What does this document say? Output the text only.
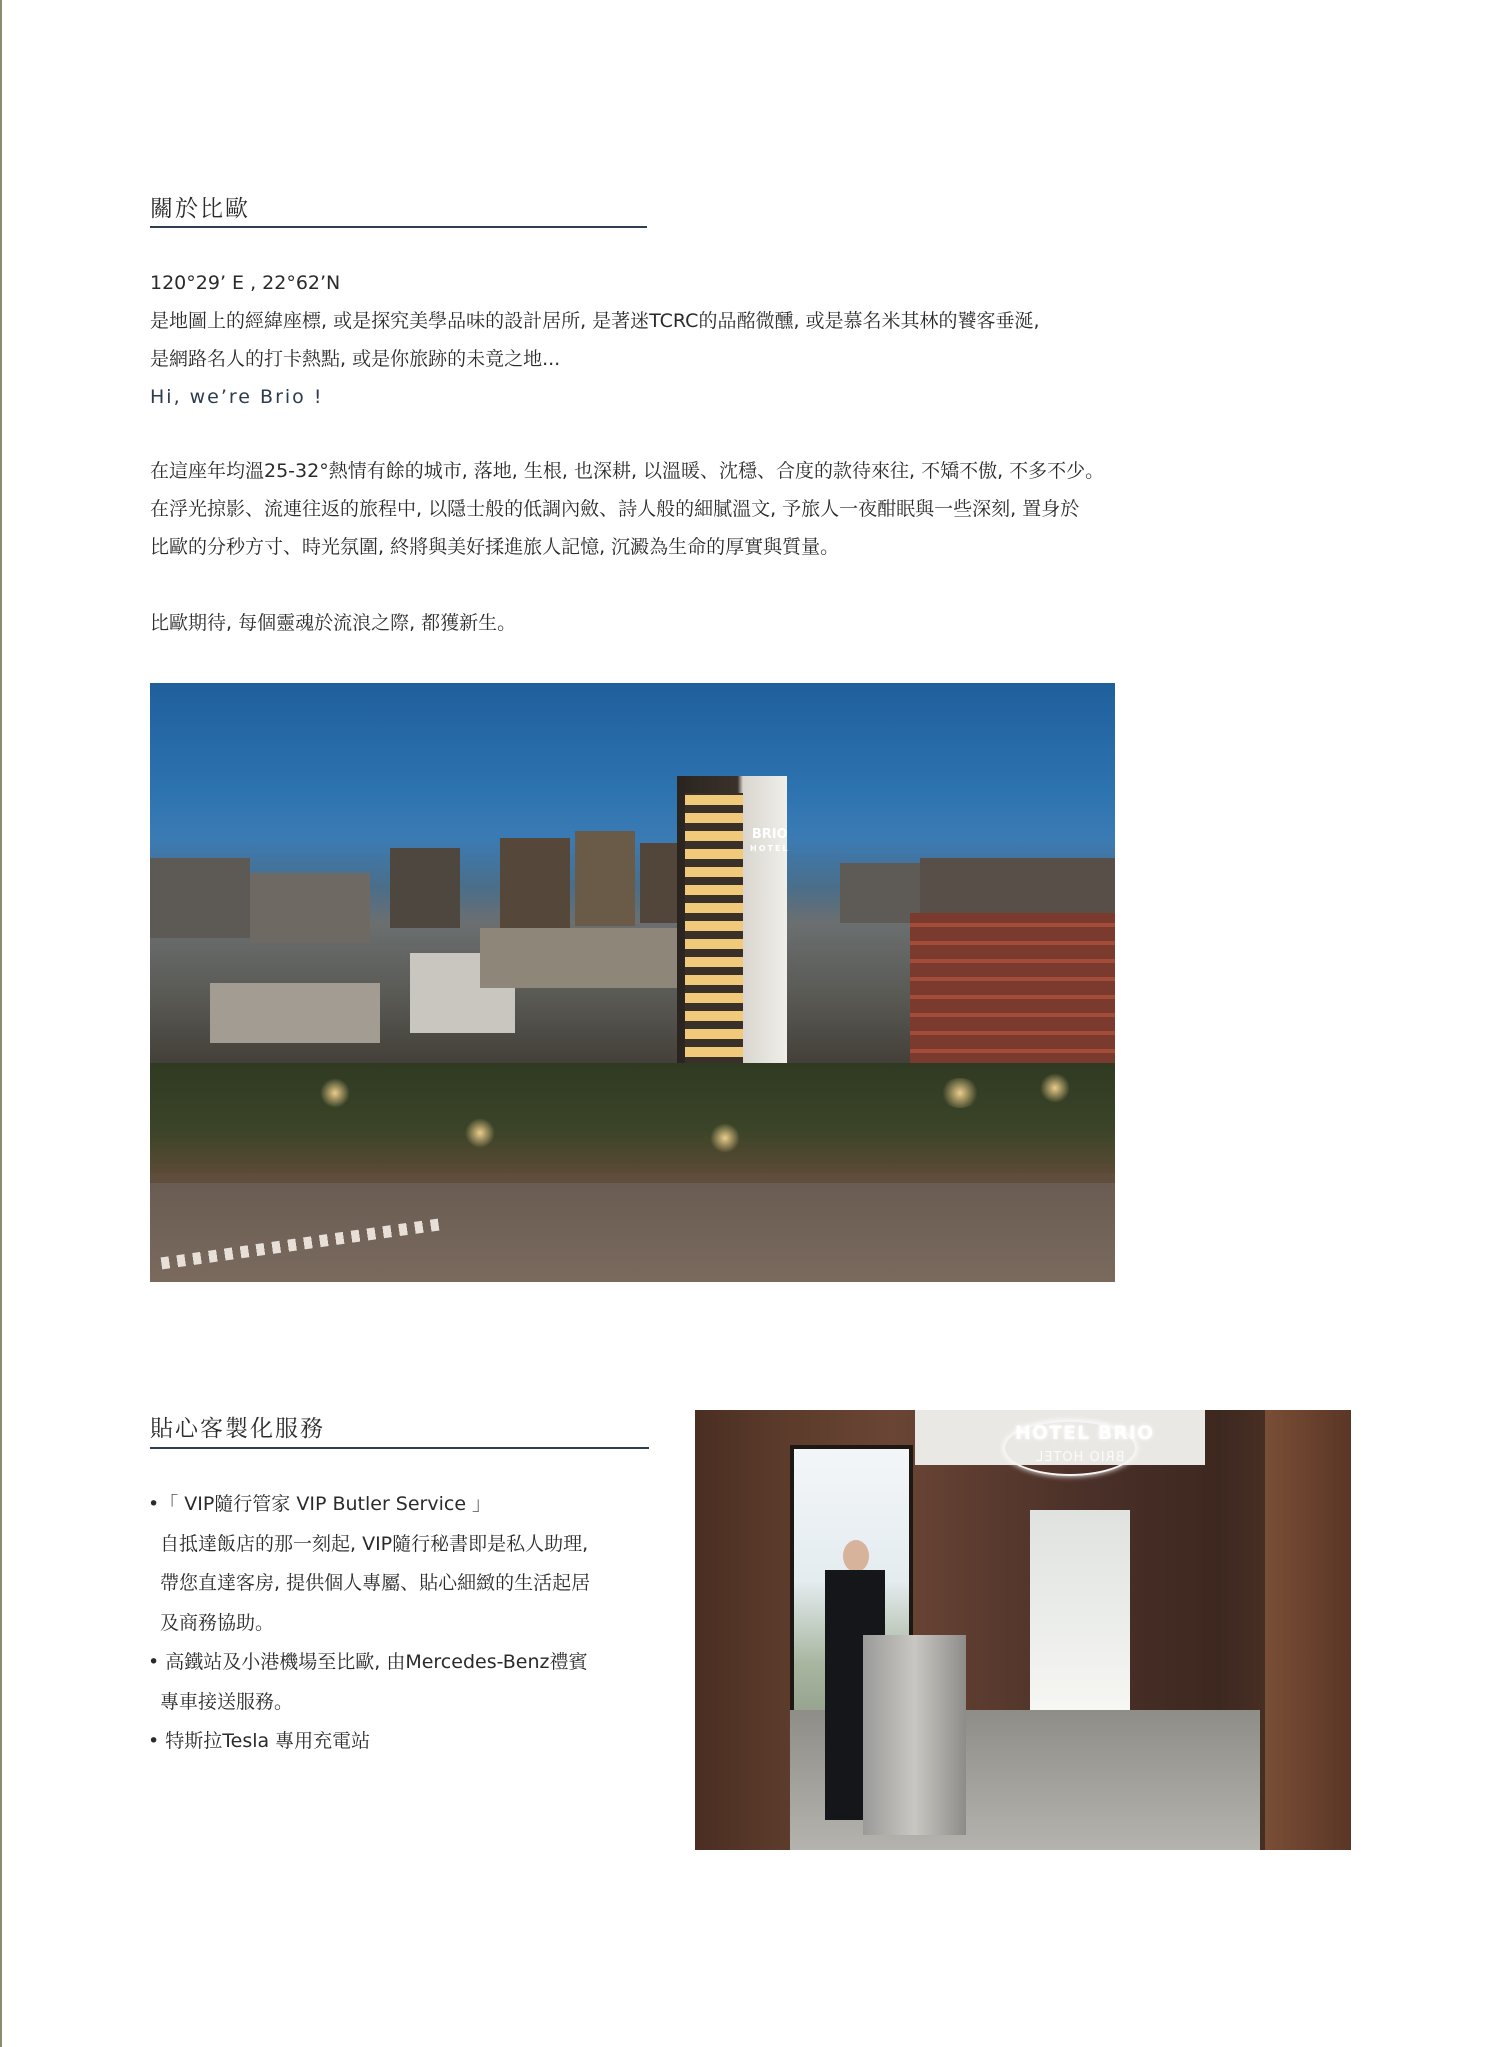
關於比歐
120°29’ E , 22°62’N
是地圖上的經緯座標, 或是探究美學品味的設計居所, 是著迷TCRC的品酩微醺, 或是慕名米其林的饕客垂涎,
是網路名人的打卡熱點, 或是你旅跡的未竟之地...
Hi, we’re Brio !
在這座年均溫25-32°熱情有餘的城市, 落地, 生根, 也深耕, 以溫暖、沈穩、合度的款待來往, 不矯不傲, 不多不少。
在浮光掠影、流連往返的旅程中, 以隱士般的低調內斂、詩人般的細膩溫文, 予旅人一夜酣眠與一些深刻, 置身於
比歐的分秒方寸、時光氛圍, 終將與美好揉進旅人記憶, 沉澱為生命的厚實與質量。
比歐期待, 每個靈魂於流浪之際, 都獲新生。
BRIO
HOTEL
貼心客製化服務
•「 VIP隨行管家 VIP Butler Service 」
自抵達飯店的那一刻起, VIP隨行秘書即是私人助理,
帶您直達客房, 提供個人專屬、貼心細緻的生活起居
及商務協助。
• 高鐵站及小港機場至比歐, 由Mercedes-Benz禮賓
專車接送服務。
• 特斯拉Tesla 專用充電站
HOTEL BRIO
BRIO HOTEL
